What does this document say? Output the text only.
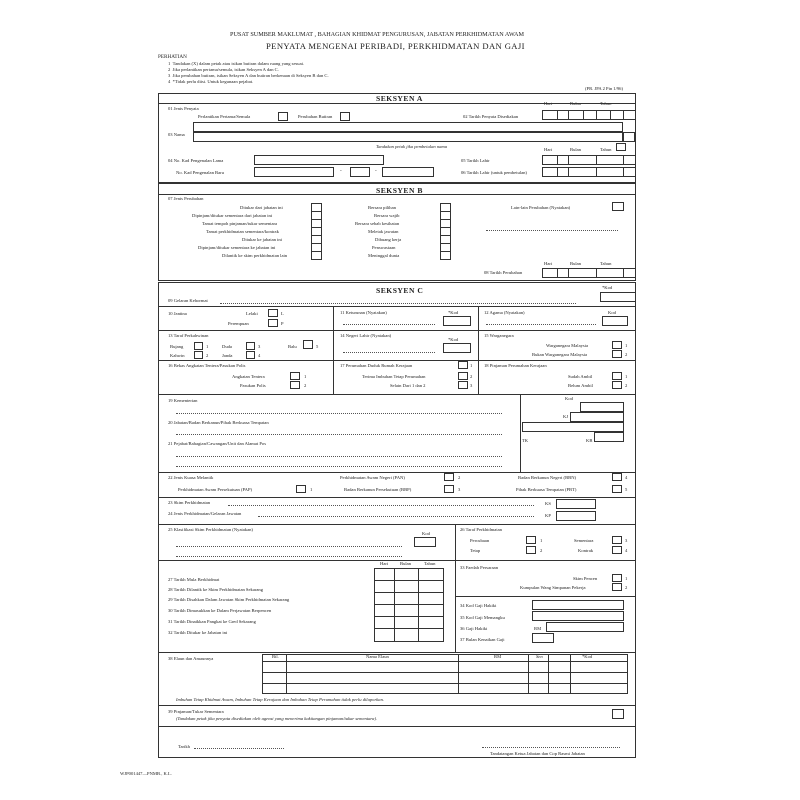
PUSAT SUMBER MAKLUMAT , BAHAGIAN KHIDMAT PENGURUSAN, JABATAN PERKHIDMATAN AWAM
PENYATA MENGENAI PERIBADI, PERKHIDMATAN DAN GAJI
PERHATIAN
1  Tandakan (X) dalam petak atau isikan butiran dalam ruang yang sesuai.
2  Jika perlantikan pertama/semula, isikan Seksyen A dan C.
3  Jika perubahan butiran, isikan Seksyen A dan butiran berkenaan di Seksyen B dan C.
4  *Tidak perlu diisi. Untuk kegunaan pejabat.
(PR. JPA 2 Pin 1/96)
SEKSYEN A
Hari	Bulan	Tahun
01 Jenis Penyata
Perlantikan Pertama/Semula	Perubahan Butiran	02 Tarikh Penyata Disediakan
03 Nama
Tandakan petak jika pembetulan nama
Hari	Bulan	Tahun
04 No. Kad Pengenalan Lama	05 Tarikh Lahir
No. Kad Pengenalan Baru	-	-	06 Tarikh Lahir (untuk pembetulan)
SEKSYEN B
07 Jenis Perubahan
Ditukar dari jabatan ini
Dipinjam/ditukar sementara dari jabatan ini
Tamat tempoh pinjaman/tukar sementara
Tamat perkhidmatan sementara/kontrak
Ditukar ke jabatan ini
Dipinjam/ditukar sementara ke jabatan ini
Dilantik ke skim perkhidmatan lain
Bersara pilihan
Bersara wajib
Bersara sebab kesihatan
Meletak jawatan
Dibuang kerja
Penswastaan
Meninggal dunia
Lain-lain Perubahan (Nyatakan)
Hari	Bulan	Tahun
08 Tarikh Perubahan
SEKSYEN C	*Kod
09 Gelaran Kehormat
10 Jantina	Lelaki	L
Perempuan	P
11 Keturunan (Nyatakan)	*Kod	12 Agama (Nyatakan)	Kod
13 Taraf Perkahwinan
Bujang	1	Duda	3	Balu	5
Kahwin	2	Janda	4
14 Negeri Lahir (Nyatakan)
*Kod
15 Warganegara
Warganegara Malaysia	1
Bukan Warganegara Malaysia	2
16 Bekas Angkatan Tentera/Pasukan Polis
Angkatan Tentera	1
Pasukan Polis	2
17 Perumahan Duduk Rumah Kerajaan	1
Terima Imbuhan Tetap Perumahan	2
Selain Dari 1 dan 2	3
18 Pinjaman Perumahan Kerajaan
Sudah Ambil	1
Belum Ambil	2
19 Kementerian
20 Jabatan/Badan Berkanun/Pihak Berkuasa Tempatan
21 Pejabat/Bahagian/Cawangan/Unit dan Alamat Pos
Kod
KJ
TK	KB
22 Jenis Kuasa Melantik	Perkhidmatan Awam Negeri (PAN)	2	Badan Berkanun Negeri (BBN)	4
Perkhidmatan Awam Persekutuan (PAP)	1	Badan Berkanun Persekutuan (BBP)	3	Pihak Berkuasa Tempatan (PBT)	5
23 Skim Perkhidmatan	KS
24 Jenis Perkhidmatan/Gelaran Jawatan	KP
25 Klasifikasi Skim Perkhidmatan (Nyatakan)
Kod
26 Taraf Perkhidmatan
Percubaan	1	Sementara	3
Tetap	2	Kontrak	4
Hari	Bulan	Tahun
27 Tarikh Mula Berkhidmat
28 Tarikh Dilantik ke Skim Perkhidmatan Sekarang
29 Tarikh Disahkan Dalam Jawatan Skim Perkhidmatan Sekarang
30 Tarikh Dimasukkan ke Dalam Perjawatan Berpencen
31 Tarikh Dinaikkan Pangkat ke Gred Sekarang
32 Tarikh Ditukar ke Jabatan ini
33 Faedah Persaraan
Skim Pencen	1
Kumpulan Wang Simpanan Pekerja	2
34 Kod Gaji Hakiki
35 Kod Gaji Memangku
36 Gaji Hakiki	RM
37 Bulan Kenaikan Gaji
38 Elaun dan Amaunnya	Bil.	Nama Elaun	RM	Sen	*Kod
Imbuhan Tetap Khidmat Awam, Imbuhan Tetap Kerajaan dan Imbuhan Tetap Perumahan tidak perlu dilaporkan.
39 Pinjaman/Tukar Sementara
(Tandakan petak jika penyata disediakan oleh agensi yang menerima kakitangan pinjaman/tukar sementara).
Tarikh
Tandatangan Ketua Jabatan dan Cop Rasmi Jabatan
WJP001447—PNMB., K.L.
